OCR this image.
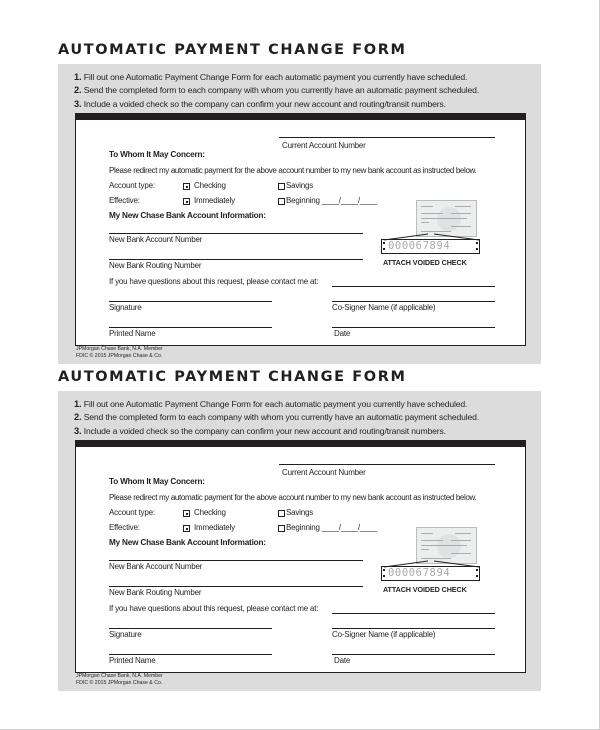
AUTOMATIC PAYMENT CHANGE FORM
1. Fill out one Automatic Payment Change Form for each automatic payment you currently have scheduled.
2. Send the completed form to each company with whom you currently have an automatic payment scheduled.
3. Include a voided check so the company can confirm your new account and routing/transit numbers.
Current Account Number
To Whom It May Concern:
Please redirect my automatic payment for the above account number to my new bank account as instructed below.
Account type:	Checking	Savings
Effective:	Immediately	Beginning ____/____/____
My New Chase Bank Account Information:
New Bank Account Number
New Bank Routing Number
If you have questions about this request, please contact me at:
Signature	Co-Signer Name (if applicable)
Printed Name	Date
000067894
ATTACH VOIDED CHECK
JPMorgan Chase Bank, N.A. Member
FDIC © 2015 JPMorgan Chase & Co.
AUTOMATIC PAYMENT CHANGE FORM
1. Fill out one Automatic Payment Change Form for each automatic payment you currently have scheduled.
2. Send the completed form to each company with whom you currently have an automatic payment scheduled.
3. Include a voided check so the company can confirm your new account and routing/transit numbers.
Current Account Number
To Whom It May Concern:
Please redirect my automatic payment for the above account number to my new bank account as instructed below.
Account type:	Checking	Savings
Effective:	Immediately	Beginning ____/____/____
My New Chase Bank Account Information:
New Bank Account Number
New Bank Routing Number
If you have questions about this request, please contact me at:
Signature	Co-Signer Name (if applicable)
Printed Name	Date
000067894
ATTACH VOIDED CHECK
JPMorgan Chase Bank, N.A. Member
FDIC © 2015 JPMorgan Chase & Co.
